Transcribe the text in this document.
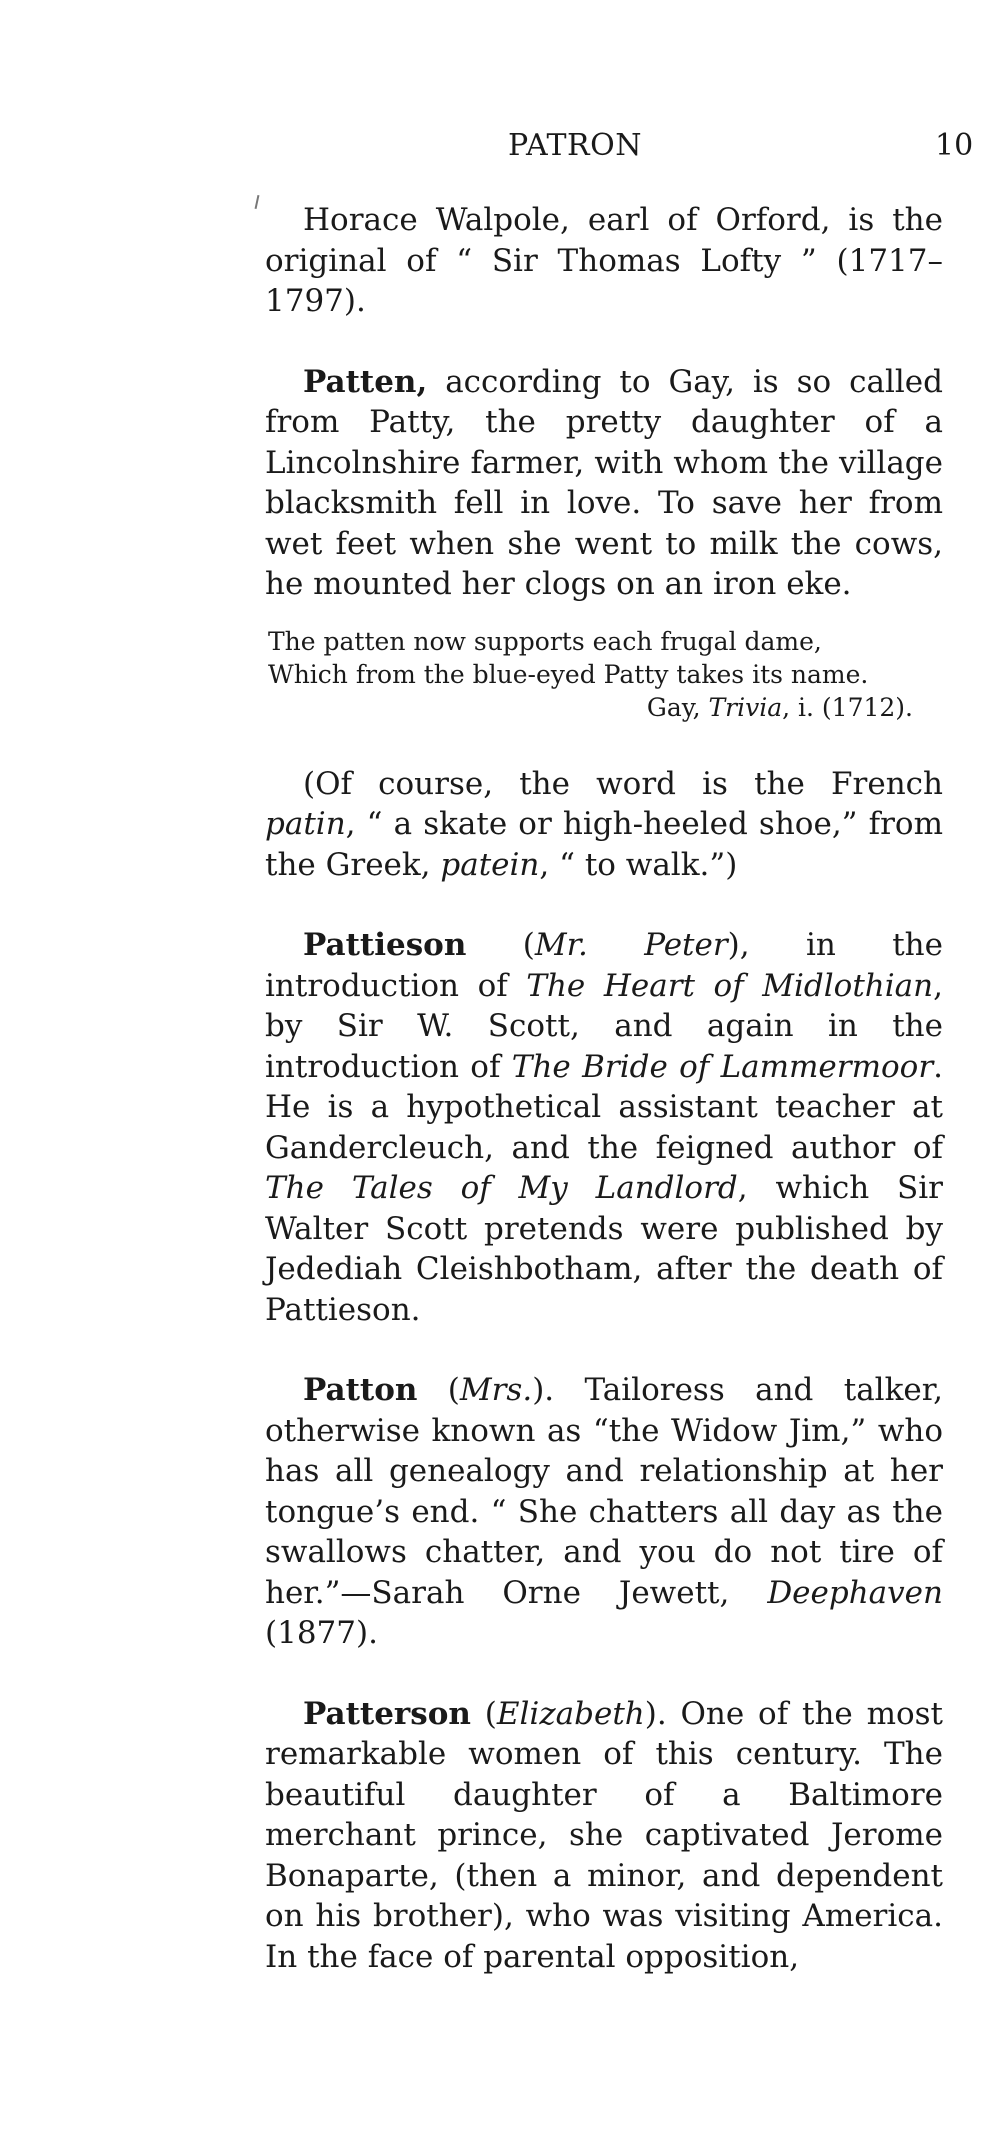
PATRON	10

Horace Walpole, earl of Orford, is the original of “ Sir Thomas Lofty ” (1717–1797).

Patten, according to Gay, is so called from Patty, the pretty daughter of a Lincolnshire farmer, with whom the village blacksmith fell in love. To save her from wet feet when she went to milk the cows, he mounted her clogs on an iron eke.

The patten now supports each frugal dame,
Which from the blue-eyed Patty takes its name.
Gay, Trivia, i. (1712).

(Of course, the word is the French patin, “ a skate or high-heeled shoe,” from the Greek, patein, “ to walk.”)

Pattieson (Mr. Peter), in the introduction of The Heart of Midlothian, by Sir W. Scott, and again in the introduction of The Bride of Lammermoor. He is a hypothetical assistant teacher at Gandercleuch, and the feigned author of The Tales of My Landlord, which Sir Walter Scott pretends were published by Jedediah Cleishbotham, after the death of Pattieson.

Patton (Mrs.). Tailoress and talker, otherwise known as “the Widow Jim,” who has all genealogy and relationship at her tongue’s end. “ She chatters all day as the swallows chatter, and you do not tire of her.”—Sarah Orne Jewett, Deephaven (1877).

Patterson (Elizabeth). One of the most remarkable women of this century. The beautiful daughter of a Baltimore merchant prince, she captivated Jerome Bonaparte, (then a minor, and dependent on his brother), who was visiting America. In the face of parental opposition,
